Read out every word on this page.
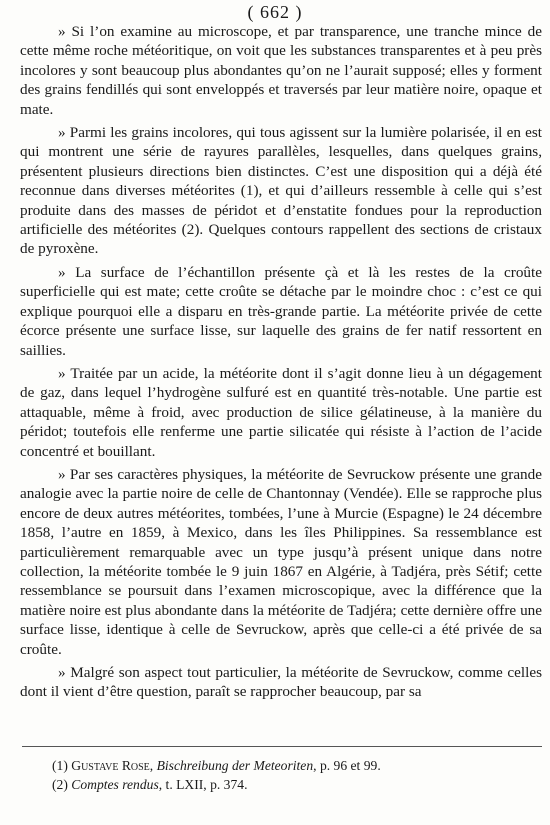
( 662 )

» Si l’on examine au microscope, et par transparence, une tranche mince de cette même roche météoritique, on voit que les substances transparentes et à peu près incolores y sont beaucoup plus abondantes qu’on ne l’aurait supposé; elles y forment des grains fendillés qui sont enveloppés et traversés par leur matière noire, opaque et mate.

» Parmi les grains incolores, qui tous agissent sur la lumière polarisée, il en est qui montrent une série de rayures parallèles, lesquelles, dans quelques grains, présentent plusieurs directions bien distinctes. C’est une disposition qui a déjà été reconnue dans diverses météorites (1), et qui d’ailleurs ressemble à celle qui s’est produite dans des masses de péridot et d’enstatite fondues pour la reproduction artificielle des météorites (2). Quelques contours rappellent des sections de cristaux de pyroxène.

» La surface de l’échantillon présente çà et là les restes de la croûte superficielle qui est mate; cette croûte se détache par le moindre choc : c’est ce qui explique pourquoi elle a disparu en très-grande partie. La météorite privée de cette écorce présente une surface lisse, sur laquelle des grains de fer natif ressortent en saillies.

» Traitée par un acide, la météorite dont il s’agit donne lieu à un dégagement de gaz, dans lequel l’hydrogène sulfuré est en quantité très-notable. Une partie est attaquable, même à froid, avec production de silice gélatineuse, à la manière du péridot; toutefois elle renferme une partie silicatée qui résiste à l’action de l’acide concentré et bouillant.

» Par ses caractères physiques, la météorite de Sevruckow présente une grande analogie avec la partie noire de celle de Chantonnay (Vendée). Elle se rapproche plus encore de deux autres météorites, tombées, l’une à Murcie (Espagne) le 24 décembre 1858, l’autre en 1859, à Mexico, dans les îles Philippines. Sa ressemblance est particulièrement remarquable avec un type jusqu’à présent unique dans notre collection, la météorite tombée le 9 juin 1867 en Algérie, à Tadjéra, près Sétif; cette ressemblance se poursuit dans l’examen microscopique, avec la différence que la matière noire est plus abondante dans la météorite de Tadjéra; cette dernière offre une surface lisse, identique à celle de Sevruckow, après que celle-ci a été privée de sa croûte.

» Malgré son aspect tout particulier, la météorite de Sevruckow, comme celles dont il vient d’être question, paraît se rapprocher beaucoup, par sa

(1) Gustave Rose, Bischreibung der Meteoriten, p. 96 et 99.

(2) Comptes rendus, t. LXII, p. 374.
